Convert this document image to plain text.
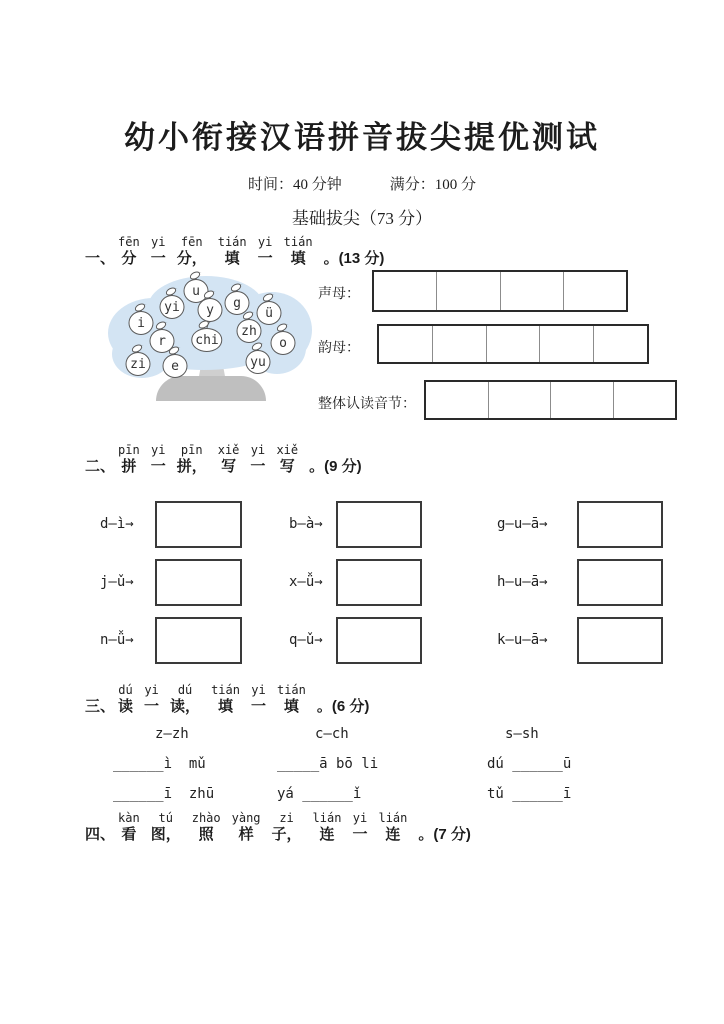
幼小衔接汉语拼音拔尖提优测试
时间：40 分钟	满分：100 分
基础拔尖（73 分）
一、
fēn
分
yi
一
fēn
分，
tián
填
yi
一
tián
填
。(13 分)
u
yi	y	g
ü
i
r	chi
zh
o
zi	e	yu
声母：
韵母：
整体认读音节：
二、
pīn
拼
yi
一
pīn
拼，
xiě
写
yi
一
xiě
写
。(9 分)
d—ì→	b—à→	g—u—ā→
j—ǔ→	x—ǚ→	h—u—ā→
n—ǚ→	q—ǔ→	k—u—ā→
三、
dú
读
yi
一
dú
读，
tián
填
yi
一
tián
填
。(6 分)
z—zh	c—ch	s—sh
______ì  mǔ	_____ā bō li	dú ______ū
______ī  zhū	yá ______ǐ	tǔ ______ī
四、
kàn
看
tú
图，
zhào
照
yàng
样
zi
子，
lián
连
yi
一
lián
连
。(7 分)
